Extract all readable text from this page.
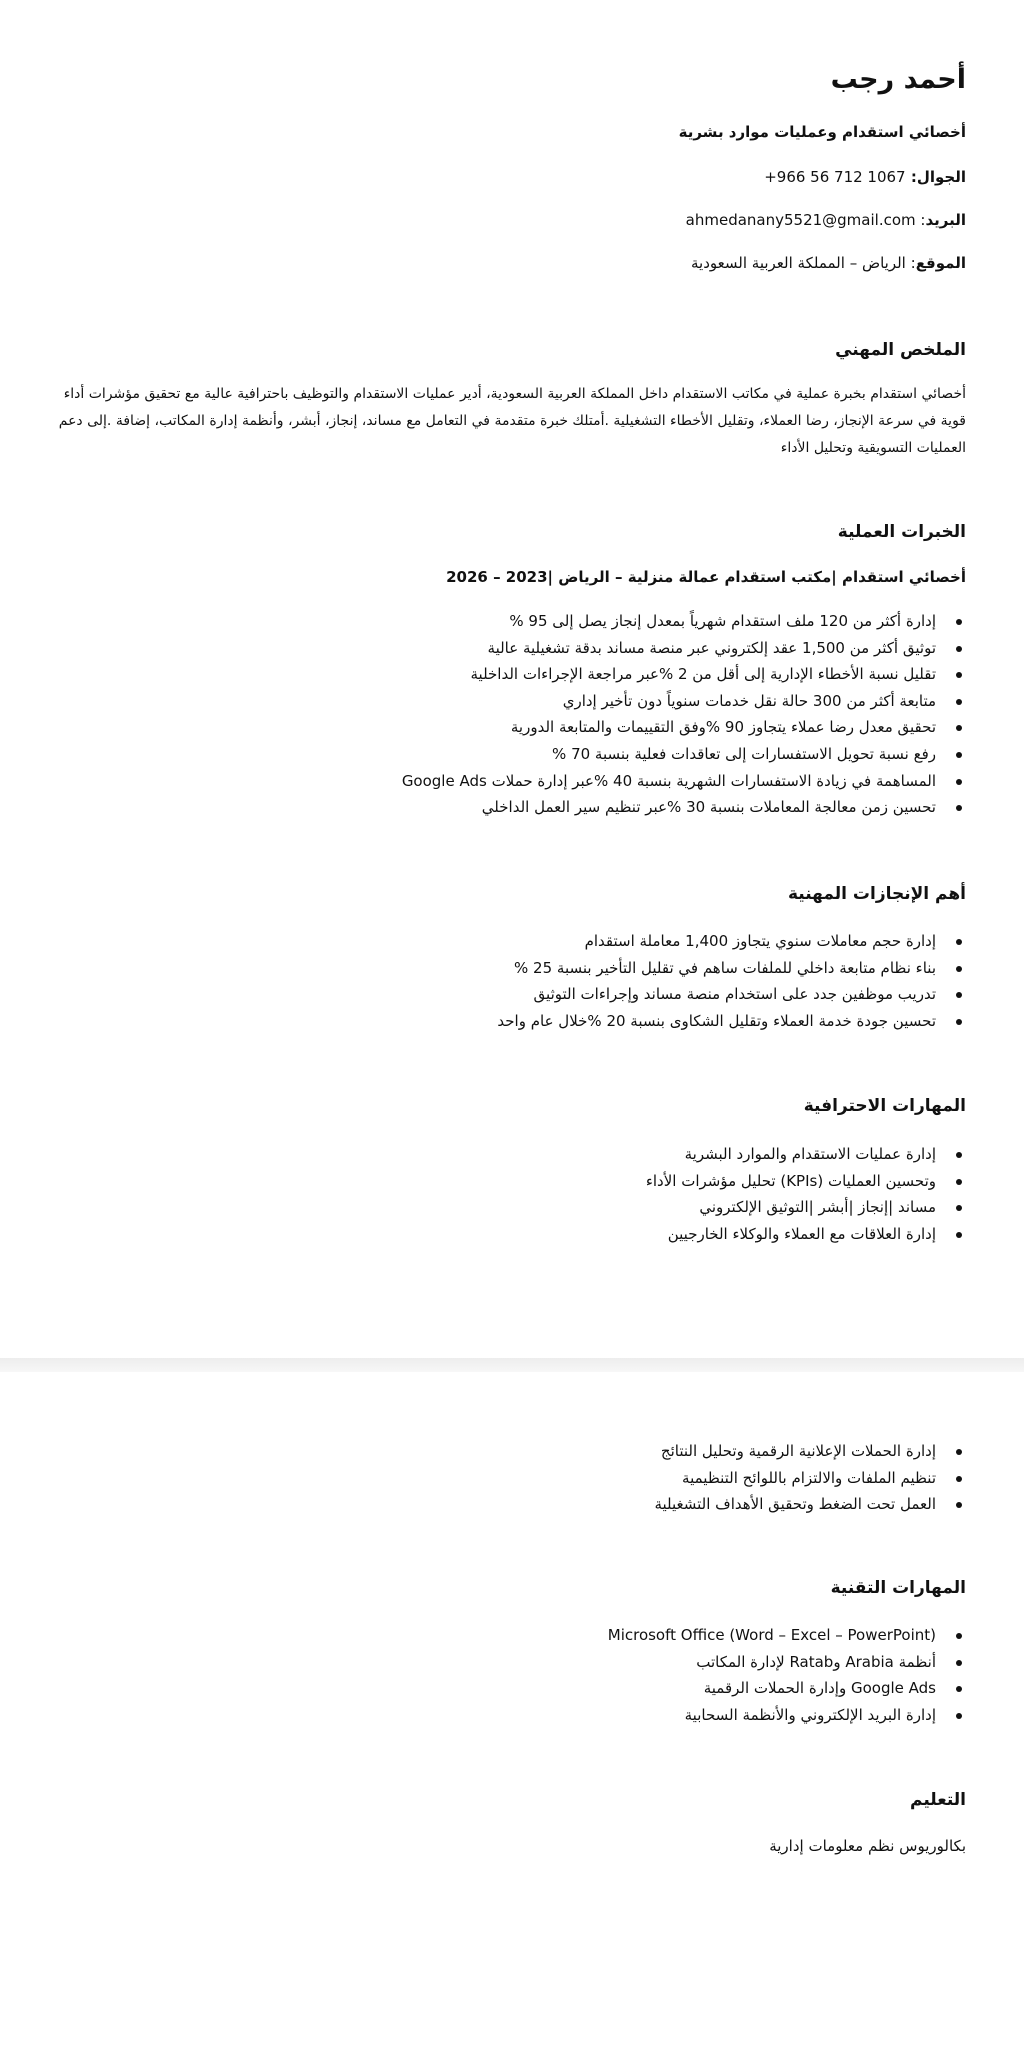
أحمد رجب
أخصائي استقدام وعمليات موارد بشرية
الجوال: +966 56 712 1067
البريد: ahmedanany5521@gmail.com
الموقع: الرياض – المملكة العربية السعودية
الملخص المهني
أخصائي استقدام بخبرة عملية في مكاتب الاستقدام داخل المملكة العربية السعودية، أدير عمليات الاستقدام والتوظيف باحترافية عالية مع تحقيق مؤشرات أداء قوية في سرعة الإنجاز، رضا العملاء، وتقليل الأخطاء التشغيلية .أمتلك خبرة متقدمة في التعامل مع مساند، إنجاز، أبشر، وأنظمة إدارة المكاتب، إضافة .إلى دعم العمليات التسويقية وتحليل الأداء
الخبرات العملية
أخصائي استقدام |مكتب استقدام عمالة منزلية – الرياض |2023 – 2026
إدارة أكثر من 120 ملف استقدام شهرياً بمعدل إنجاز يصل إلى 95 %
توثيق أكثر من 1,500 عقد إلكتروني عبر منصة مساند بدقة تشغيلية عالية
تقليل نسبة الأخطاء الإدارية إلى أقل من 2 %عبر مراجعة الإجراءات الداخلية
متابعة أكثر من 300 حالة نقل خدمات سنوياً دون تأخير إداري
تحقيق معدل رضا عملاء يتجاوز 90 %وفق التقييمات والمتابعة الدورية
رفع نسبة تحويل الاستفسارات إلى تعاقدات فعلية بنسبة 70 %
المساهمة في زيادة الاستفسارات الشهرية بنسبة 40 %عبر إدارة حملات Google Ads
تحسين زمن معالجة المعاملات بنسبة 30 %عبر تنظيم سير العمل الداخلي
أهم الإنجازات المهنية
إدارة حجم معاملات سنوي يتجاوز 1,400 معاملة استقدام
بناء نظام متابعة داخلي للملفات ساهم في تقليل التأخير بنسبة 25 %
تدريب موظفين جدد على استخدام منصة مساند وإجراءات التوثيق
تحسين جودة خدمة العملاء وتقليل الشكاوى بنسبة 20 %خلال عام واحد
المهارات الاحترافية
إدارة عمليات الاستقدام والموارد البشرية
وتحسين العمليات (KPIs) تحليل مؤشرات الأداء
مساند |إنجاز |أبشر |التوثيق الإلكتروني
إدارة العلاقات مع العملاء والوكلاء الخارجيين
إدارة الحملات الإعلانية الرقمية وتحليل النتائج
تنظيم الملفات والالتزام باللوائح التنظيمية
العمل تحت الضغط وتحقيق الأهداف التشغيلية
المهارات التقنية
Microsoft Office (Word – Excel – PowerPoint)
أنظمة Arabia وRatab لإدارة المكاتب
Google Ads وإدارة الحملات الرقمية
إدارة البريد الإلكتروني والأنظمة السحابية
التعليم
بكالوريوس نظم معلومات إدارية
